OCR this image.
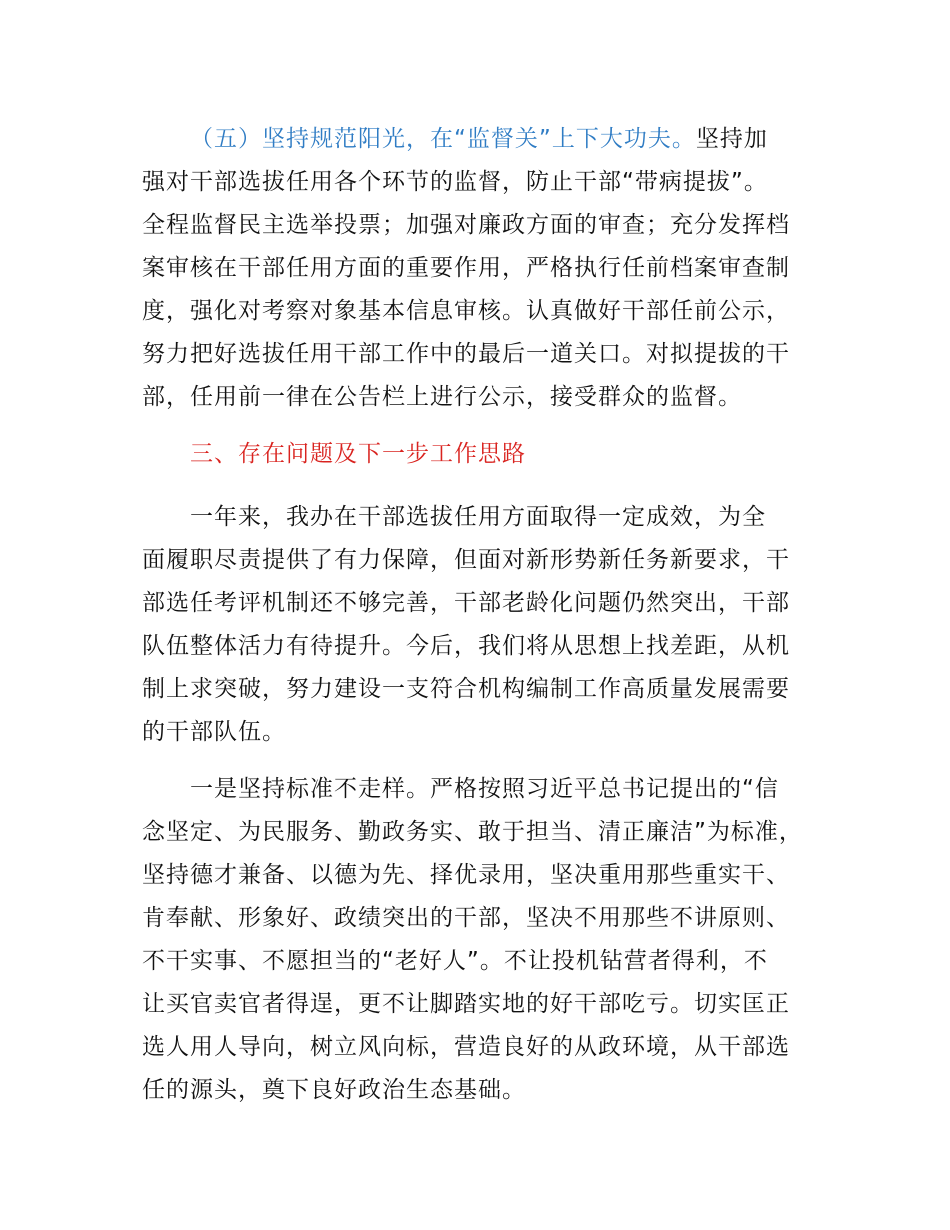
（五）坚持规范阳光，在“监督关”上下大功夫。坚持加
强对干部选拔任用各个环节的监督，防止干部“带病提拔”。
全程监督民主选举投票；加强对廉政方面的审查；充分发挥档
案审核在干部任用方面的重要作用，严格执行任前档案审查制
度，强化对考察对象基本信息审核。认真做好干部任前公示，
努力把好选拔任用干部工作中的最后一道关口。对拟提拔的干
部，任用前一律在公告栏上进行公示，接受群众的监督。
三、存在问题及下一步工作思路
一年来，我办在干部选拔任用方面取得一定成效，为全
面履职尽责提供了有力保障，但面对新形势新任务新要求，干
部选任考评机制还不够完善，干部老龄化问题仍然突出，干部
队伍整体活力有待提升。今后，我们将从思想上找差距，从机
制上求突破，努力建设一支符合机构编制工作高质量发展需要
的干部队伍。
一是坚持标准不走样。严格按照习近平总书记提出的“信
念坚定、为民服务、勤政务实、敢于担当、清正廉洁”为标准，
坚持德才兼备、以德为先、择优录用，坚决重用那些重实干、
肯奉献、形象好、政绩突出的干部，坚决不用那些不讲原则、
不干实事、不愿担当的“老好人”。不让投机钻营者得利，不
让买官卖官者得逞，更不让脚踏实地的好干部吃亏。切实匡正
选人用人导向，树立风向标，营造良好的从政环境，从干部选
任的源头，奠下良好政治生态基础。
